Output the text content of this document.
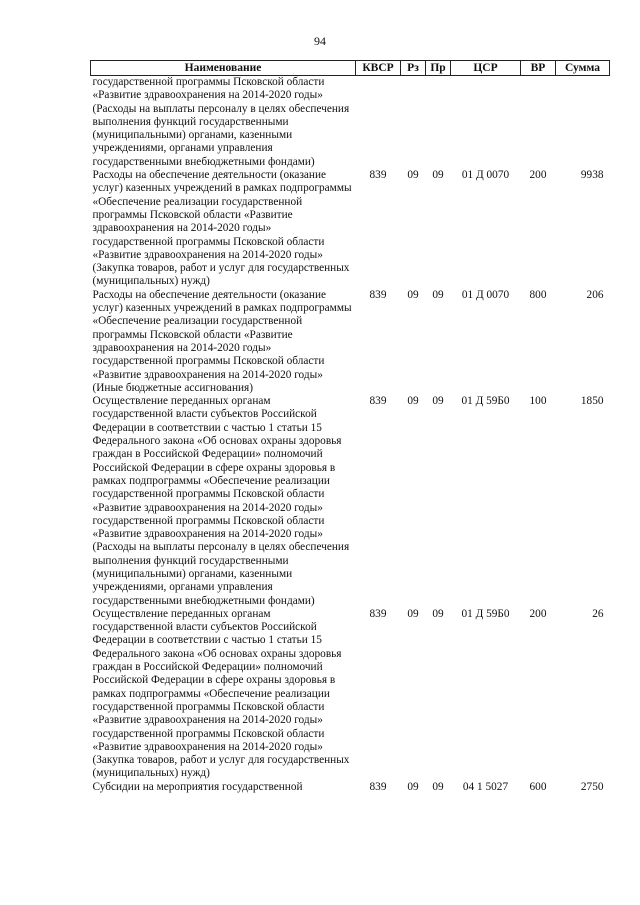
94
Наименование	КВСР	Рз	Пр	ЦСР	ВР	Сумма
государственной программы Псковской области «Развитие здравоохранения на 2014-2020 годы» (Расходы на выплаты персоналу в целях обеспечения выполнения функций государственными (муниципальными) органами, казенными учреждениями, органами управления государственными внебюджетными фондами)						
Расходы на обеспечение деятельности (оказание услуг) казенных учреждений в рамках подпрограммы «Обеспечение реализации государственной программы Псковской области «Развитие здравоохранения на 2014-2020 годы» государственной программы Псковской области «Развитие здравоохранения на 2014-2020 годы» (Закупка товаров, работ и услуг для государственных (муниципальных) нужд)	839	09	09	01 Д 0070	200	9938
Расходы на обеспечение деятельности (оказание услуг) казенных учреждений в рамках подпрограммы «Обеспечение реализации государственной программы Псковской области «Развитие здравоохранения на 2014-2020 годы» государственной программы Псковской области «Развитие здравоохранения на 2014-2020 годы» (Иные бюджетные ассигнования)	839	09	09	01 Д 0070	800	206
Осуществление переданных органам государственной власти субъектов Российской Федерации в соответствии с частью 1 статьи 15 Федерального закона «Об основах охраны здоровья граждан в Российской Федерации» полномочий Российской Федерации в сфере охраны здоровья в рамках подпрограммы «Обеспечение реализации государственной программы Псковской области «Развитие здравоохранения на 2014-2020 годы» государственной программы Псковской области «Развитие здравоохранения на 2014-2020 годы» (Расходы на выплаты персоналу в целях обеспечения выполнения функций государственными (муниципальными) органами, казенными учреждениями, органами управления государственными внебюджетными фондами)	839	09	09	01 Д 59Б0	100	1850
Осуществление переданных органам государственной власти субъектов Российской Федерации в соответствии с частью 1 статьи 15 Федерального закона «Об основах охраны здоровья граждан в Российской Федерации» полномочий Российской Федерации в сфере охраны здоровья в рамках подпрограммы «Обеспечение реализации государственной программы Псковской области «Развитие здравоохранения на 2014-2020 годы» государственной программы Псковской области «Развитие здравоохранения на 2014-2020 годы» (Закупка товаров, работ и услуг для государственных (муниципальных) нужд)	839	09	09	01 Д 59Б0	200	26
Субсидии на мероприятия государственной	839	09	09	04 1 5027	600	2750
